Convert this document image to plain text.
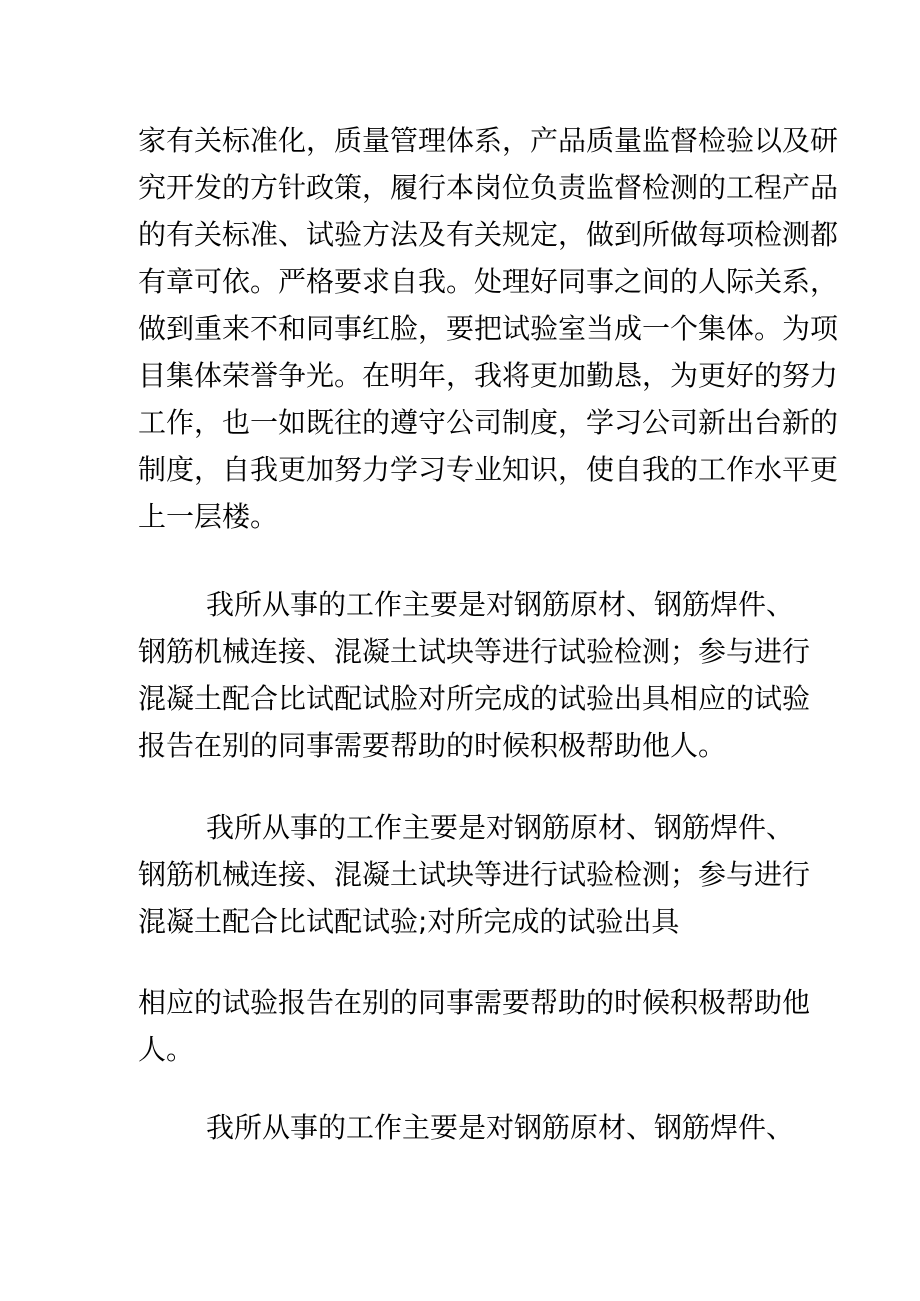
家有关标准化，质量管理体系，产品质量监督检验以及研
究开发的方针政策，履行本岗位负责监督检测的工程产品
的有关标准、试验方法及有关规定，做到所做每项检测都
有章可依。严格要求自我。处理好同事之间的人际关系，
做到重来不和同事红脸，要把试验室当成一个集体。为项
目集体荣誉争光。在明年，我将更加勤恳，为更好的努力
工作，也一如既往的遵守公司制度，学习公司新出台新的
制度，自我更加努力学习专业知识，使自我的工作水平更
上一层楼。
我所从事的工作主要是对钢筋原材、钢筋焊件、
钢筋机械连接、混凝土试块等进行试验检测；参与进行
混凝土配合比试配试脸对所完成的试验出具相应的试验
报告在别的同事需要帮助的时候积极帮助他人。
我所从事的工作主要是对钢筋原材、钢筋焊件、
钢筋机械连接、混凝土试块等进行试验检测；参与进行
混凝土配合比试配试验;对所完成的试验出具
相应的试验报告在别的同事需要帮助的时候积极帮助他
人。
我所从事的工作主要是对钢筋原材、钢筋焊件、
